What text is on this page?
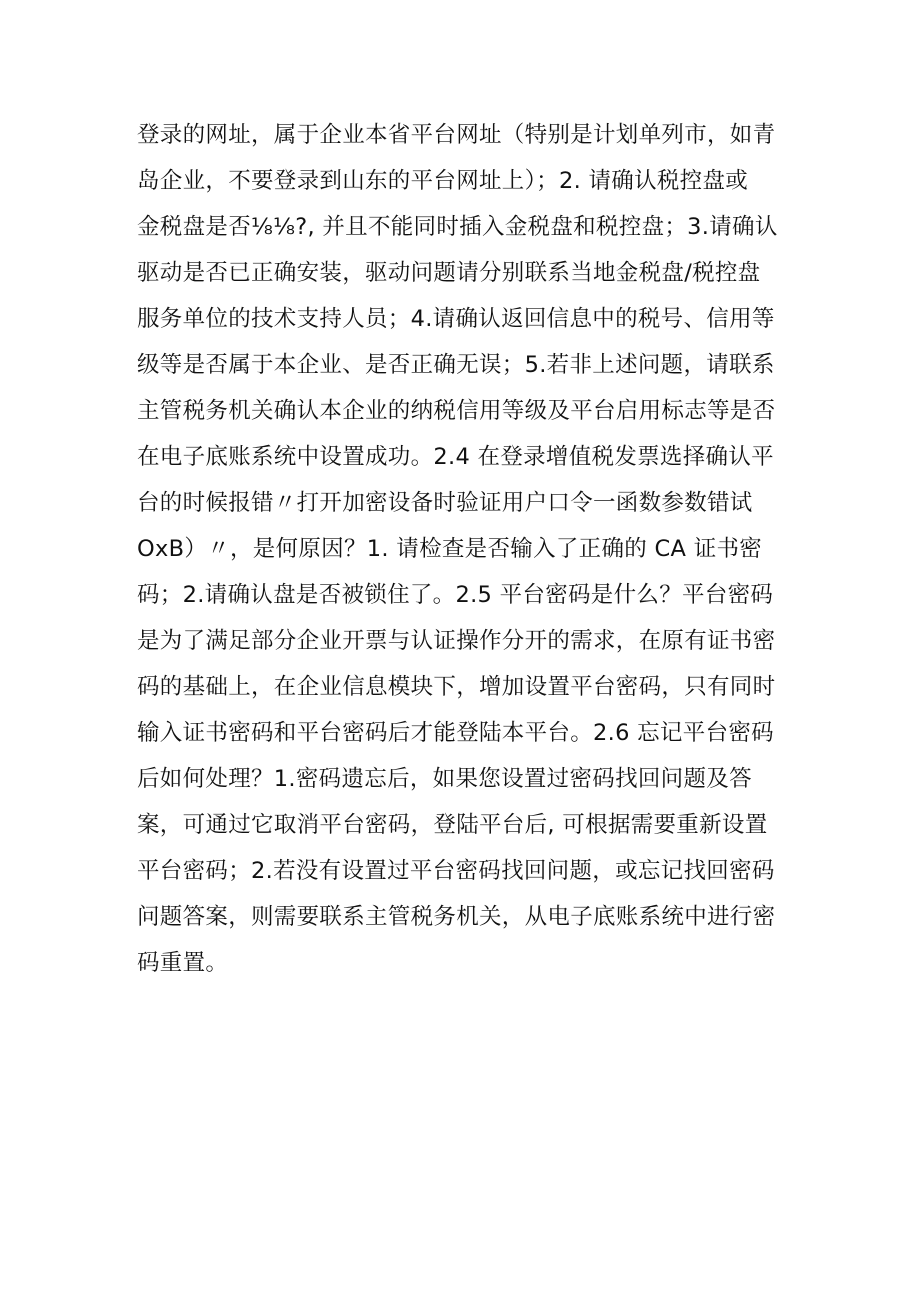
登录的网址，属于企业本省平台网址（特别是计划单列市，如青
岛企业，不要登录到山东的平台网址上）；2. 请确认税控盘或
金税盘是否⅛⅛?, 并且不能同时插入金税盘和税控盘；3.请确认
驱动是否已正确安装，驱动问题请分别联系当地金税盘/税控盘
服务单位的技术支持人员；4.请确认返回信息中的税号、信用等
级等是否属于本企业、是否正确无误；5.若非上述问题，请联系
主管税务机关确认本企业的纳税信用等级及平台启用标志等是否
在电子底账系统中设置成功。2.4 在登录增值税发票选择确认平
台的时候报错〃打开加密设备时验证用户口令一函数参数错试
OxB）〃，是何原因？1. 请检查是否输入了正确的 CA 证书密
码；2.请确认盘是否被锁住了。2.5 平台密码是什么？平台密码
是为了满足部分企业开票与认证操作分开的需求，在原有证书密
码的基础上，在企业信息模块下，增加设置平台密码，只有同时
输入证书密码和平台密码后才能登陆本平台。2.6 忘记平台密码
后如何处理？1.密码遗忘后，如果您设置过密码找回问题及答
案，可通过它取消平台密码，登陆平台后, 可根据需要重新设置
平台密码；2.若没有设置过平台密码找回问题，或忘记找回密码
问题答案，则需要联系主管税务机关，从电子底账系统中进行密
码重置。
